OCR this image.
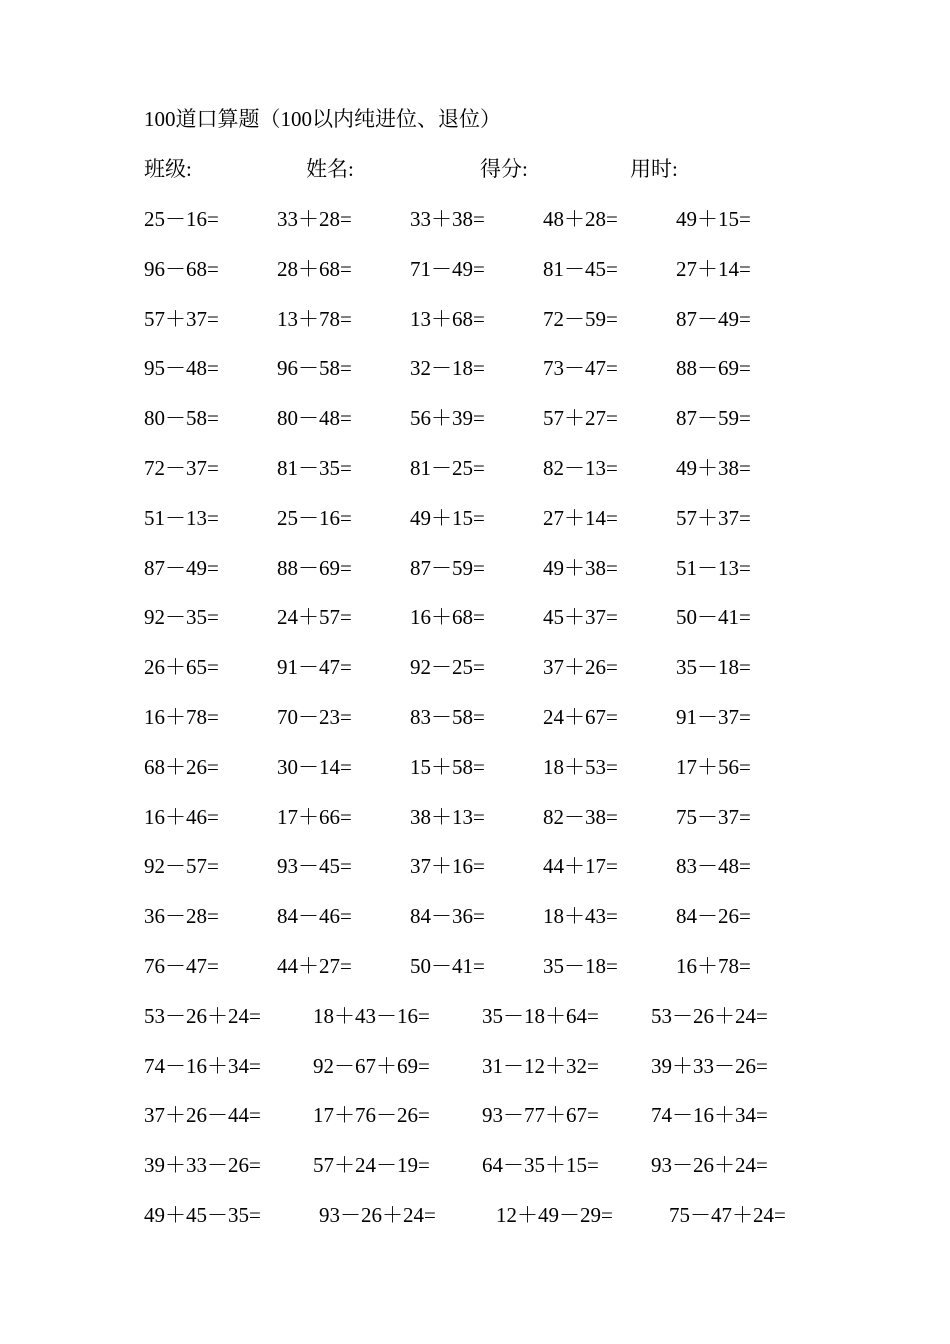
100道口算题（100以内纯进位、退位）
班级:	姓名:	得分:	用时:
25－16=	33＋28=	33＋38=	48＋28=	49＋15=
96－68=	28＋68=	71－49=	81－45=	27＋14=
57＋37=	13＋78=	13＋68=	72－59=	87－49=
95－48=	96－58=	32－18=	73－47=	88－69=
80－58=	80－48=	56＋39=	57＋27=	87－59=
72－37=	81－35=	81－25=	82－13=	49＋38=
51－13=	25－16=	49＋15=	27＋14=	57＋37=
87－49=	88－69=	87－59=	49＋38=	51－13=
92－35=	24＋57=	16＋68=	45＋37=	50－41=
26＋65=	91－47=	92－25=	37＋26=	35－18=
16＋78=	70－23=	83－58=	24＋67=	91－37=
68＋26=	30－14=	15＋58=	18＋53=	17＋56=
16＋46=	17＋66=	38＋13=	82－38=	75－37=
92－57=	93－45=	37＋16=	44＋17=	83－48=
36－28=	84－46=	84－36=	18＋43=	84－26=
76－47=	44＋27=	50－41=	35－18=	16＋78=
53－26＋24= 18＋43－16= 35－18＋64= 53－26＋24=
74－16＋34= 92－67＋69= 31－12＋32= 39＋33－26=
37＋26－44= 17＋76－26= 93－77＋67= 74－16＋34=
39＋33－26= 57＋24－19= 64－35＋15= 93－26＋24=
49＋45－35=	93－26＋24=	12＋49－29=	75－47＋24=
